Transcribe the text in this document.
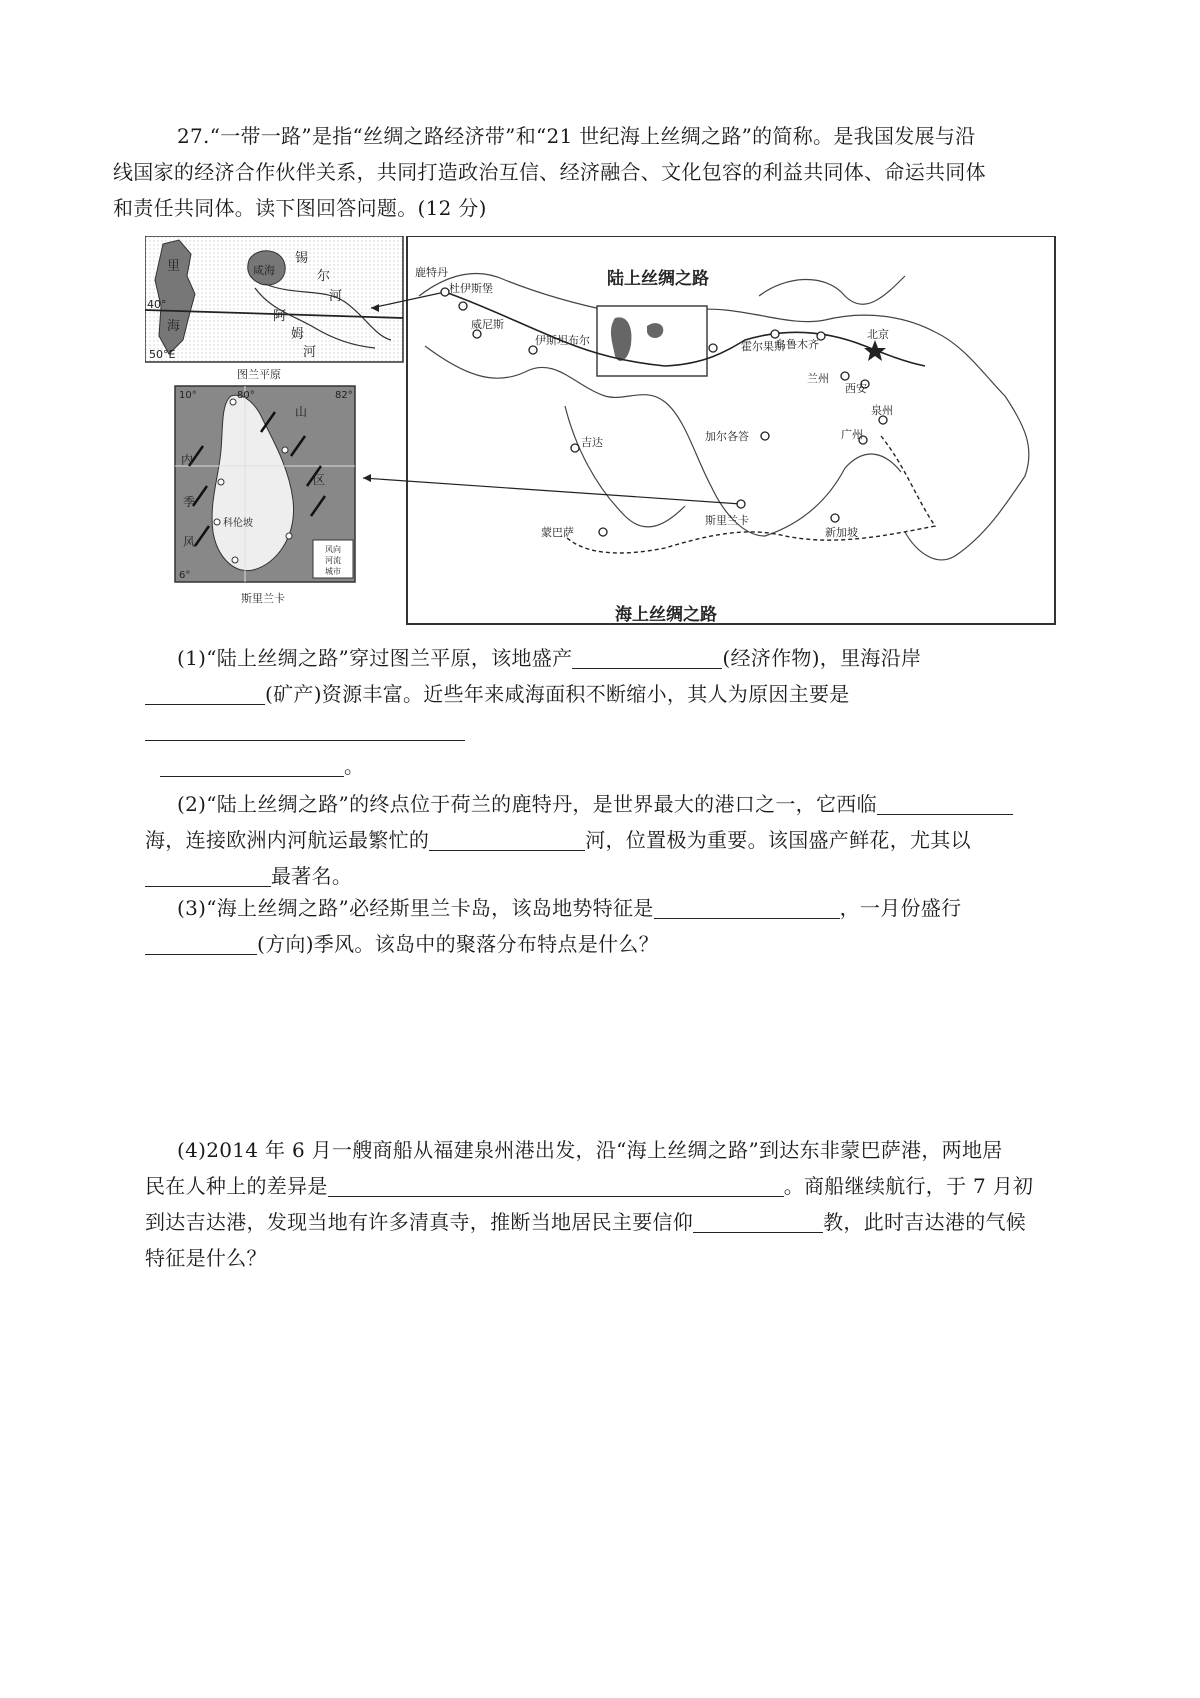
27.“一带一路”是指“丝绸之路经济带”和“21 世纪海上丝绸之路”的简称。是我国发展与沿
线国家的经济合作伙伴关系，共同打造政治互信、经济融合、文化包容的利益共同体、命运共同体
和责任共同体。读下图回答问题。(12 分)

里
海
咸海
锡
尔
河
阿
姆
河
40°
50°E
图兰平原
10°
6°
80°	82°
内
山
区
季
风
科伦坡
风向
河流
城市
斯里兰卡
鹿特丹
杜伊斯堡
威尼斯
伊斯坦布尔
吉达
蒙巴萨
加尔各答
斯里兰卡
乌鲁木齐
霍尔果斯
兰州
西安
北京
泉州
广州
新加坡
陆上丝绸之路
海上丝绸之路
(1)“陆上丝绸之路”穿过图兰平原，该地盛产	(经济作物)，里海沿岸
(矿产)资源丰富。近些年来咸海面积不断缩小，其人为原因主要是
。
(2)“陆上丝绸之路”的终点位于荷兰的鹿特丹，是世界最大的港口之一，它西临
海，连接欧洲内河航运最繁忙的	河，位置极为重要。该国盛产鲜花，尤其以
最著名。
(3)“海上丝绸之路”必经斯里兰卡岛，该岛地势特征是	，一月份盛行
(方向)季风。该岛中的聚落分布特点是什么？
(4)2014 年 6 月一艘商船从福建泉州港出发，沿“海上丝绸之路”到达东非蒙巴萨港，两地居
民在人种上的差异是	。商船继续航行，于 7 月初
到达吉达港，发现当地有许多清真寺，推断当地居民主要信仰	教，此时吉达港的气候
特征是什么？
